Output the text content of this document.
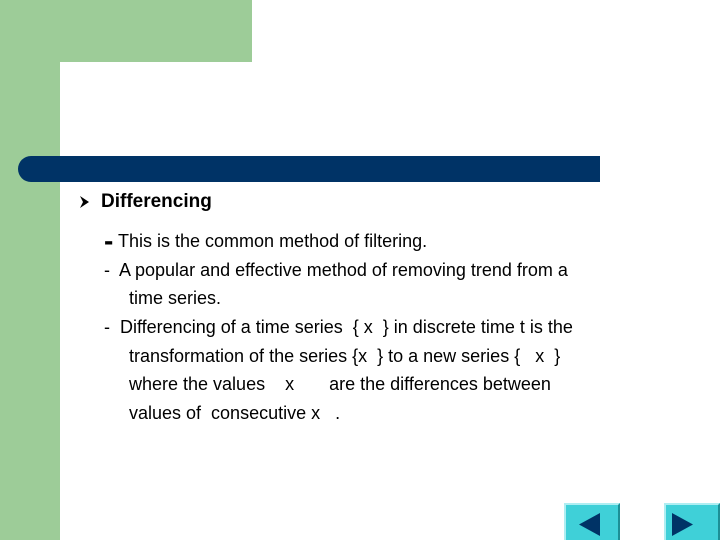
Differencing
- This is the common method of filtering.
-  A popular and effective method of removing trend from a
time series.
-  Differencing of a time series  { x  } in discrete time t is the
transformation of the series {x  } to a new series {   x  }
where the values    x       are the differences between
values of  consecutive x   .
